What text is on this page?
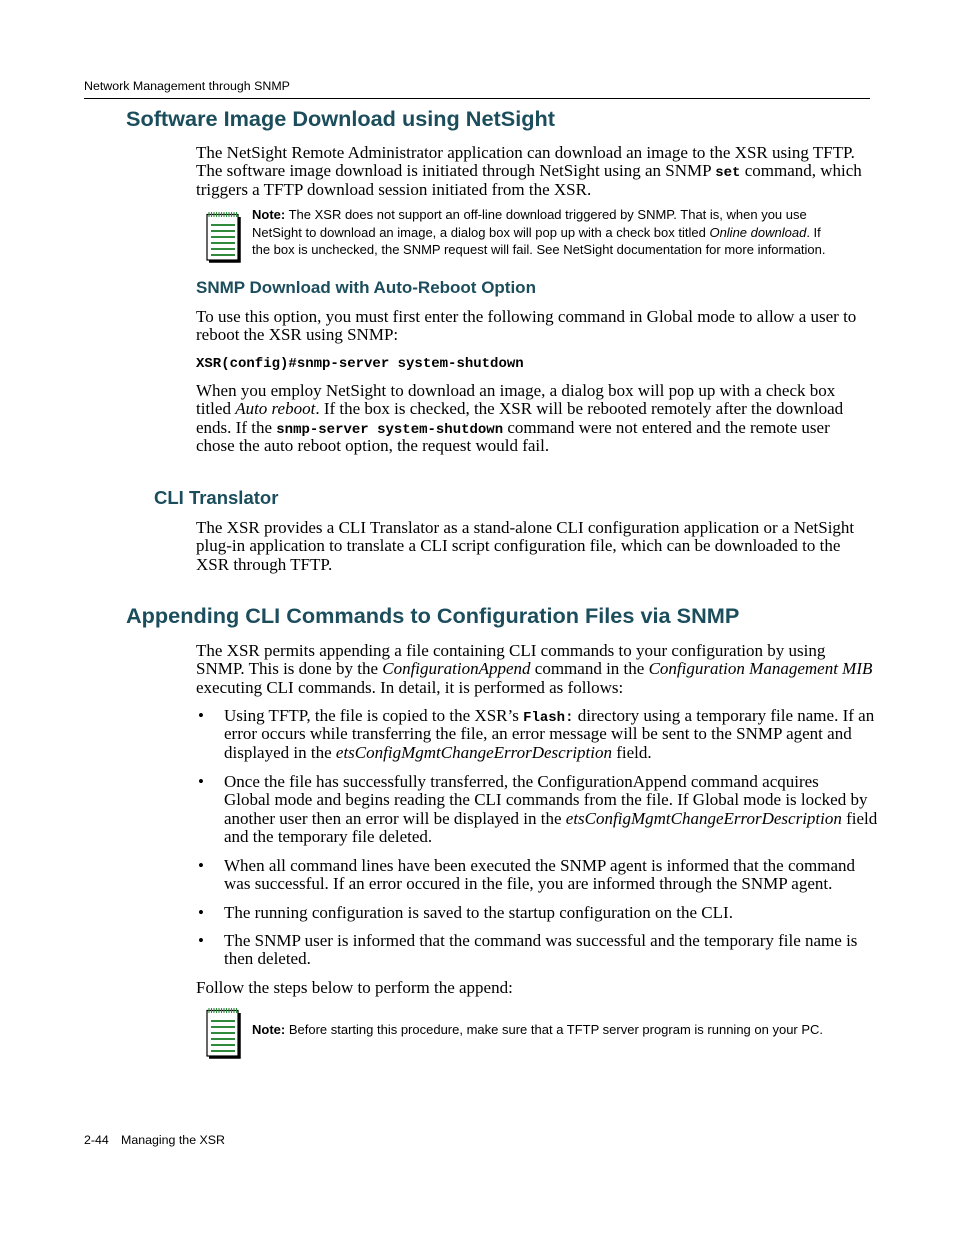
Network Management through SNMP
Software Image Download using NetSight
The NetSight Remote Administrator application can download an image to the XSR using TFTP.
The software image download is initiated through NetSight using an SNMP set command, which
triggers a TFTP download session initiated from the XSR.
Note: The XSR does not support an off-line download triggered by SNMP. That is, when you use
NetSight to download an image, a dialog box will pop up with a check box titled Online download. If
the box is unchecked, the SNMP request will fail. See NetSight documentation for more information.
SNMP Download with Auto-Reboot Option
To use this option, you must first enter the following command in Global mode to allow a user to
reboot the XSR using SNMP:
XSR(config)#snmp-server system-shutdown
When you employ NetSight to download an image, a dialog box will pop up with a check box
titled Auto reboot. If the box is checked, the XSR will be rebooted remotely after the download
ends. If the snmp-server system-shutdown command were not entered and the remote user
chose the auto reboot option, the request would fail.
CLI Translator
The XSR provides a CLI Translator as a stand-alone CLI configuration application or a NetSight
plug-in application to translate a CLI script configuration file, which can be downloaded to the
XSR through TFTP.
Appending CLI Commands to Configuration Files via SNMP
The XSR permits appending a file containing CLI commands to your configuration by using
SNMP. This is done by the ConfigurationAppend command in the Configuration Management MIB
executing CLI commands. In detail, it is performed as follows:
• Using TFTP, the file is copied to the XSR’s Flash: directory using a temporary file name. If an
error occurs while transferring the file, an error message will be sent to the SNMP agent and
displayed in the etsConfigMgmtChangeErrorDescription field.
• Once the file has successfully transferred, the ConfigurationAppend command acquires
Global mode and begins reading the CLI commands from the file. If Global mode is locked by
another user then an error will be displayed in the etsConfigMgmtChangeErrorDescription field
and the temporary file deleted.
• When all command lines have been executed the SNMP agent is informed that the command
was successful. If an error occured in the file, you are informed through the SNMP agent.
• The running configuration is saved to the startup configuration on the CLI.
• The SNMP user is informed that the command was successful and the temporary file name is
then deleted.
Follow the steps below to perform the append:
Note: Before starting this procedure, make sure that a TFTP server program is running on your PC.
2-44 Managing the XSR
